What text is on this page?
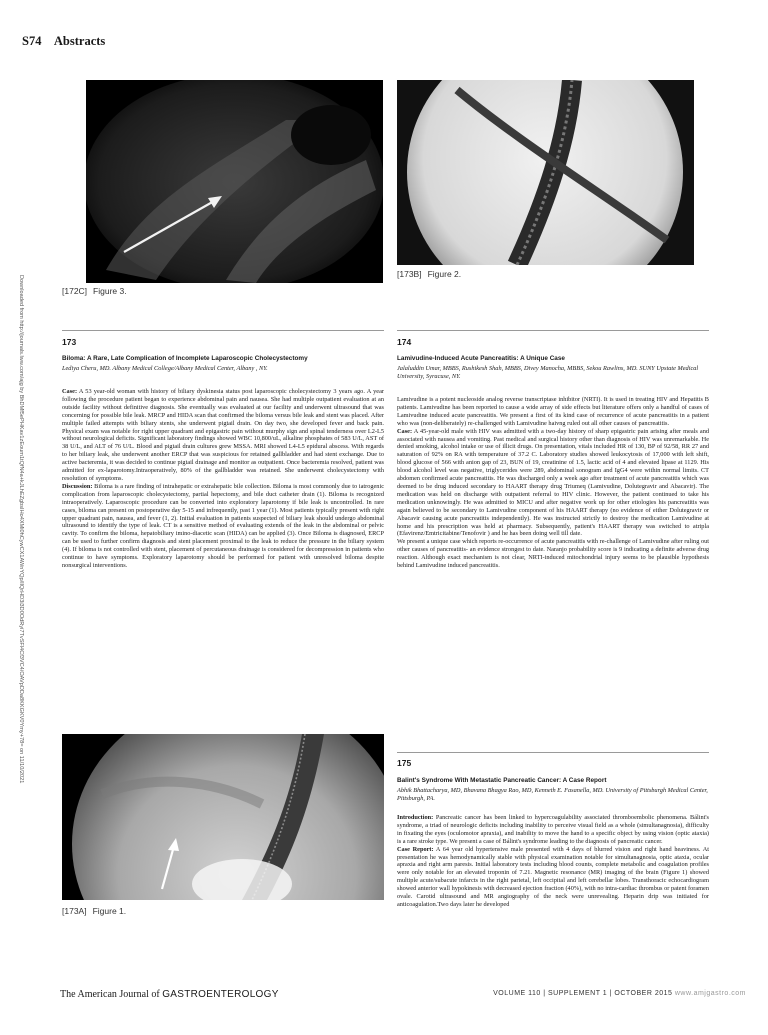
S74 Abstracts
Downloaded from http://journals.lww.com/ajg by BhDMf5ePHKav1zEoum1tQfN4a+kJLhEZgbsIHo4XMi0hCywCX1AWnYQp/IlQrHD3i3D0OdRyi7TvSFl4Cf3VC4/OAVpDDa8KKGKV0Ymy+78= on 11/10/2021	[172C] Figure 3.
[173B] Figure 2.
173
Biloma: A Rare, Late Complication of Incomplete Laparoscopic Cholecystectomy
Lediya Cheru, MD. Albany Medical College/Albany Medical Center, Albany , NY.

Case: A 53 year-old woman with history of biliary dyskinesia status post laparoscopic cholecystectomy 3 years ago. A year following the procedure patient began to experience abdominal pain and nausea. She had multiple outpatient evaluation at an outside facility without definitive diagnosis. She eventually was evaluated at our facility and underwent ultrasound that was concerning for possible bile leak. MRCP and HIDA scan that confirmed the biloma versus bile leak and stent was placed. After multiple failed attempts with biliary stents, she underwent pigtail drain. On day two, she developed fever and back pain. Physical exam was notable for right upper quadrant and epigastric pain without murphy sign and spinal tenderness over L2-L5 without neurological deficits. Significant laboratory findings showed WBC 10,800/uL, alkaline phosphates of 583 U/L, AST of 38 U/L, and ALT of 76 U/L. Blood and pigtail drain cultures grew MSSA. MRI showed L4-L5 epidural abscess. With regards to her biliary leak, she underwent another ERCP that was suspicious for retained gallbladder and had stent exchange. Due to active bacteremia, it was decided to continue pigtail drainage and monitor as outpatient. Once bacteremia resolved, patient was admitted for ex-laparotomy.Intraoperatively, 80% of the gallbladder was retained. She underwent cholecystectomy with resolution of symptoms.

Discussion: Biloma is a rare finding of intrahepatic or extrahepatic bile collection. Biloma is most commonly due to iatrogenic complication from laparoscopic cholecystectomy, partial hepectomy, and bile duct catheter drain (1). Biloma is recognized intraoperatively. Laparoscopic procedure can be converted into exploratory laparotomy if bile leak is uncontrolled. In rare cases, biloma can present on postoperative day 5-15 and infrequently, past 1 year (1). Most patients typically present with right upper quadrant pain, nausea, and fever (1, 2). Initial evaluation in patients suspected of biliary leak should undergo abdominal ultrasound to identify the type of leak. CT is a sensitive method of evaluating extends of the leak in the abdominal or pelvic cavity. To confirm the biloma, hepatobiliary imino-diacetic scan (HIDA) can be applied (3). Once Biloma is diagnosed, ERCP can be used to further confirm diagnosis and stent placement proximal to the leak to reduce the pressure in the biliary system (4). If biloma is not controlled with stent, placement of percutaneous drainage is considered for decompression in patients who continue to have symptoms. Exploratory laparotomy should be performed for patient with unresolved biloma despite nonsurgical interventions.

[173A] Figure 1.
174
Lamivudine-Induced Acute Pancreatitis: A Unique Case
Jalaluddin Umar, MBBS, Rushikesh Shah, MBBS, Divey Manocha, MBBS, Sekou Rawlins, MD. SUNY Upstate Medical University, Syracuse, NY.

Lamivudine is a potent nucleoside analog reverse transcriptase inhibitor (NRTI). It is used in treating HIV and Hepatitis B patients. Lamivudine has been reported to cause a wide array of side effects but literature offers only a handful of cases of Lamivudine induced acute pancreatitis. We present a first of its kind case of recurrence of acute pancreatitis in a patient who was (non-deliberately) re-challenged with Lamivudine haivng ruled out all other causes of pancreatitis.

Case: A 45-year-old male with HIV was admitted with a two-day history of sharp epigastric pain arising after meals and associated with nausea and vomiting. Past medical and surgical history other than diagnosis of HIV was unremarkable. He denied smoking, alcohol intake or use of illicit drugs. On presentation, vitals included HR of 130, BP of 92/58, RR 27 and saturation of 92% on RA with temperature of 37.2 C. Laboratory studies showed leukocytosis of 17,000 with left shift, blood glucose of 566 with anion gap of 23, BUN of 19, creatinine of 1.5, lactic acid of 4 and elevated lipase at 1129. His blood alcohol level was negative, triglycerides were 289, abdominal sonogram and IgG4 were within normal limits. CT abdomen confirmed acute pancreatitis. He was discharged only a week ago after treatment of acute pancreatitis which was deemed to be drug induced secondary to HAART therapy drug Triumeq (Lamivudine, Dolutegravir and Abacavir). The medication was held on discharge with outpatient referral to HIV clinic. However, the patient continued to take his medication unknowingly. He was admitted to MICU and after negative work up for other etiologies his pancreatitis was again believed to be secondary to Lamivudine component of his HAART therapy (no evidence of either Dolutegravir or Abacavir causing acute pancreatitis independently). He was instructed strictly to destroy the medication Lamivudine at home and his prescription was held at pharmacy. Subsequently, patient's HAART therapy was switched to atripla (Efavirenz/Emtricitabine/Tenofovir ) and he has been doing well till date.

We present a unique case which reports re-occurrence of acute pancreatitis with re-challenge of Lamivudine after ruling out other causes of pancreatitis- an evidence strongest to date. Naranjo probability score is 9 indicating a definite adverse drug reaction. Although exact mechanism is not clear, NRTI-induced mitochondrial injury seems to be plausible hypothesis behind Lamivudine induced pancreatitis.

175
Balint's Syndrome With Metastatic Pancreatic Cancer: A Case Report
Abhik Bhattacharya, MD, Bhavana Bhagya Rao, MD, Kenneth E. Fasanella, MD. University of Pittsburgh Medical Center, Pittsburgh, PA.

Introduction: Pancreatic cancer has been linked to hypercoagulability associated thromboembolic phenomena. Bálint's syndrome, a triad of neurologic deficits including inability to perceive visual field as a whole (simultanagnosia), difficulty in fixating the eyes (oculomotor apraxia), and inability to move the hand to a specific object by using vision (optic ataxia) is a rare stroke type. We present a case of Bálint's syndrome leading to the diagnosis of pancreatic cancer.

Case Report: A 64 year old hypertensive male presented with 4 days of blurred vision and right hand heaviness. At presentation he was hemodynamically stable with physical examination notable for simultanagnosia, optic ataxia, ocular apraxia and right arm paresis. Initial laboratory tests including blood counts, complete metabolic and coagulation profiles were only notable for an elevated troponin of 7.21. Magnetic resonance (MR) imaging of the brain (Figure 1) showed multiple acute/subacute infarcts in the right parietal, left occipital and left cerebellar lobes. Transthoracic echocardiogram showed anterior wall hypokinesis with decreased ejection fraction (40%), with no intra-cardiac thrombus or patent foramen ovale. Carotid ultrasound and MR angiography of the neck were unrevealing. Heparin drip was initiated for anticoagulation.Two days later he developed

The American Journal of GASTROENTEROLOGY	VOLUME 110 | SUPPLEMENT 1 | OCTOBER 2015 www.amjgastro.com
